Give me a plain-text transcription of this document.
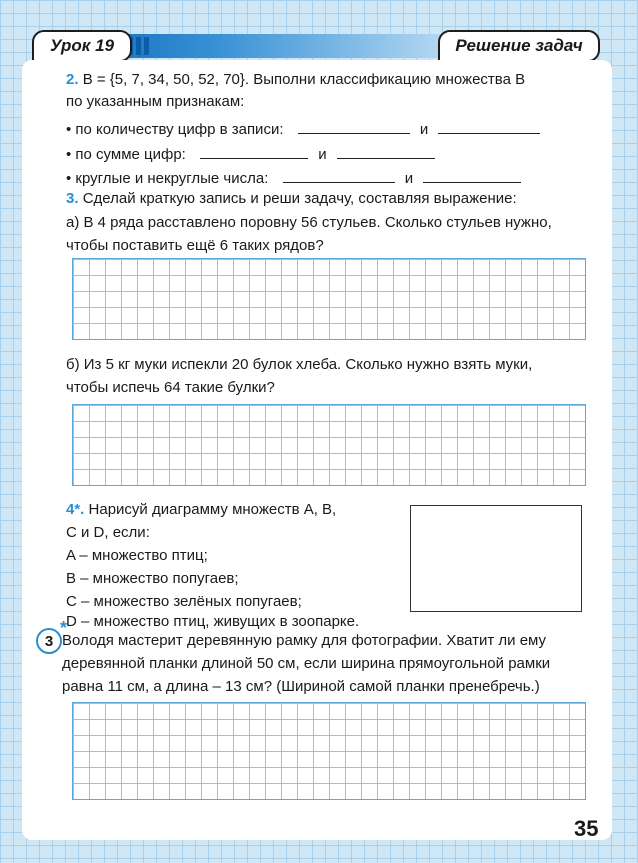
Урок 19	Решение задач
2. B = {5, 7, 34, 50, 52, 70}. Выполни классификацию множества B
по указанным признакам:
• по количеству цифр в записи:	и
• по сумме цифр:	и
• круглые и некруглые числа:	и
3. Сделай краткую запись и реши задачу, составляя выражение:
а) В 4 ряда расставлено поровну 56 стульев. Сколько стульев нужно,
чтобы поставить ещё 6 таких рядов?
б) Из 5 кг муки испекли 20 булок хлеба. Сколько нужно взять муки,
чтобы испечь 64 такие булки?
4*. Нарисуй диаграмму множеств A, B,
C и D, если:
A – множество птиц;
B – множество попугаев;
C – множество зелёных попугаев;
D – множество птиц, живущих в зоопарке.
3
*
Володя мастерит деревянную рамку для фотографии. Хватит ли ему
деревянной планки длиной 50 см, если ширина прямоугольной рамки
равна 11 см, а длина – 13 см? (Шириной самой планки пренебречь.)
35
